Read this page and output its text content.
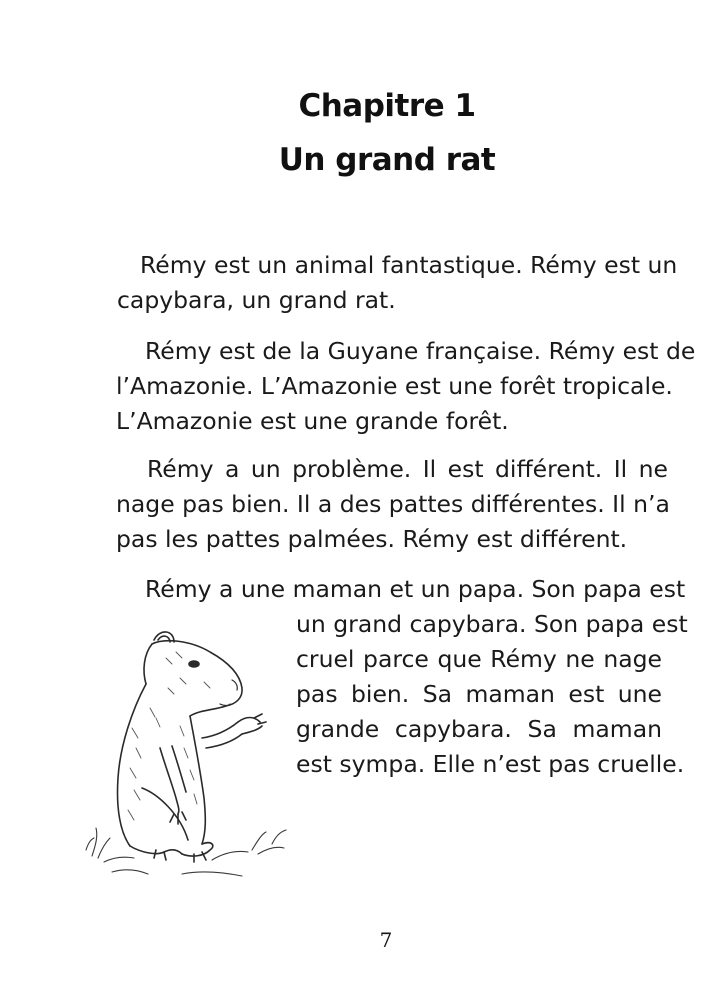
Chapitre 1
Un grand rat
Rémy est un animal fantastique. Rémy est un
capybara, un grand rat.
Rémy est de la Guyane française. Rémy est de
l’Amazonie. L’Amazonie est une forêt tropicale.
L’Amazonie est une grande forêt.
Rémy a un problème. Il est différent. Il ne
nage pas bien. Il a des pattes différentes. Il n’a
pas les pattes palmées. Rémy est différent.
Rémy a une maman et un papa. Son papa est
un grand capybara. Son papa est
cruel parce que Rémy ne nage
pas bien. Sa maman est une
grande capybara. Sa maman
est sympa. Elle n’est pas cruelle.
7
